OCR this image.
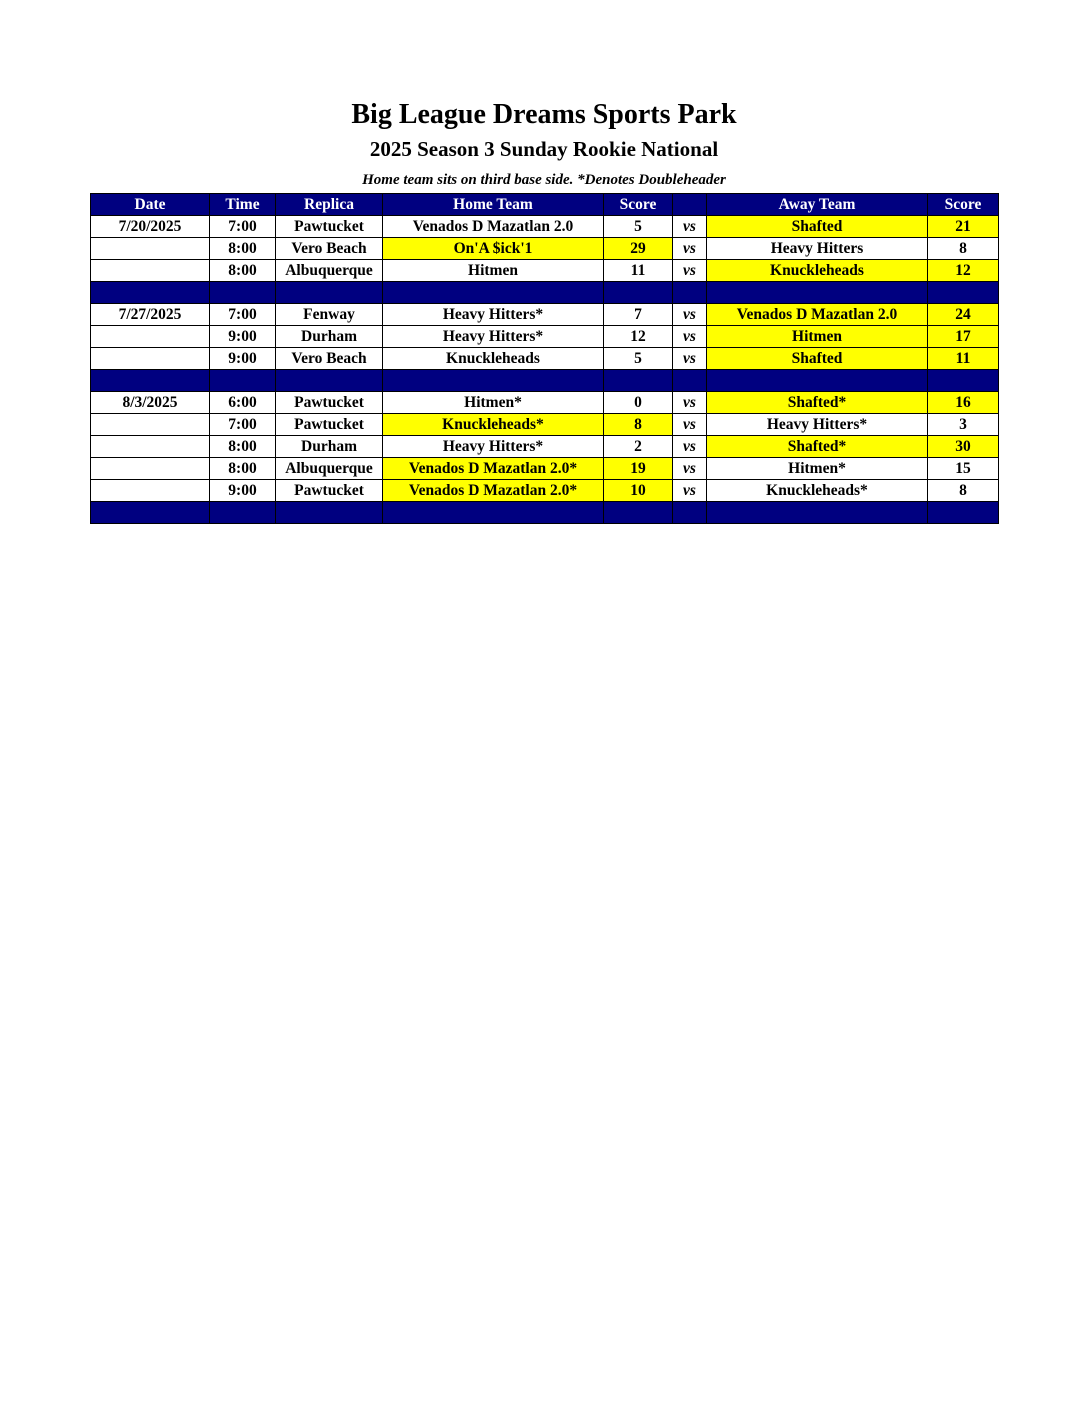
Big League Dreams Sports Park
2025 Season 3 Sunday Rookie National
Home team sits on third base side. *Denotes Doubleheader
Date	Time	Replica	Home Team	Score		Away Team	Score
7/20/2025	7:00	Pawtucket	Venados D Mazatlan 2.0	5	vs	Shafted	21
	8:00	Vero Beach	On'A $ick'1	29	vs	Heavy Hitters	8
	8:00	Albuquerque	Hitmen	11	vs	Knuckleheads	12

7/27/2025	7:00	Fenway	Heavy Hitters*	7	vs	Venados D Mazatlan 2.0	24
	9:00	Durham	Heavy Hitters*	12	vs	Hitmen	17
	9:00	Vero Beach	Knuckleheads	5	vs	Shafted	11

8/3/2025	6:00	Pawtucket	Hitmen*	0	vs	Shafted*	16
	7:00	Pawtucket	Knuckleheads*	8	vs	Heavy Hitters*	3
	8:00	Durham	Heavy Hitters*	2	vs	Shafted*	30
	8:00	Albuquerque	Venados D Mazatlan 2.0*	19	vs	Hitmen*	15
	9:00	Pawtucket	Venados D Mazatlan 2.0*	10	vs	Knuckleheads*	8
